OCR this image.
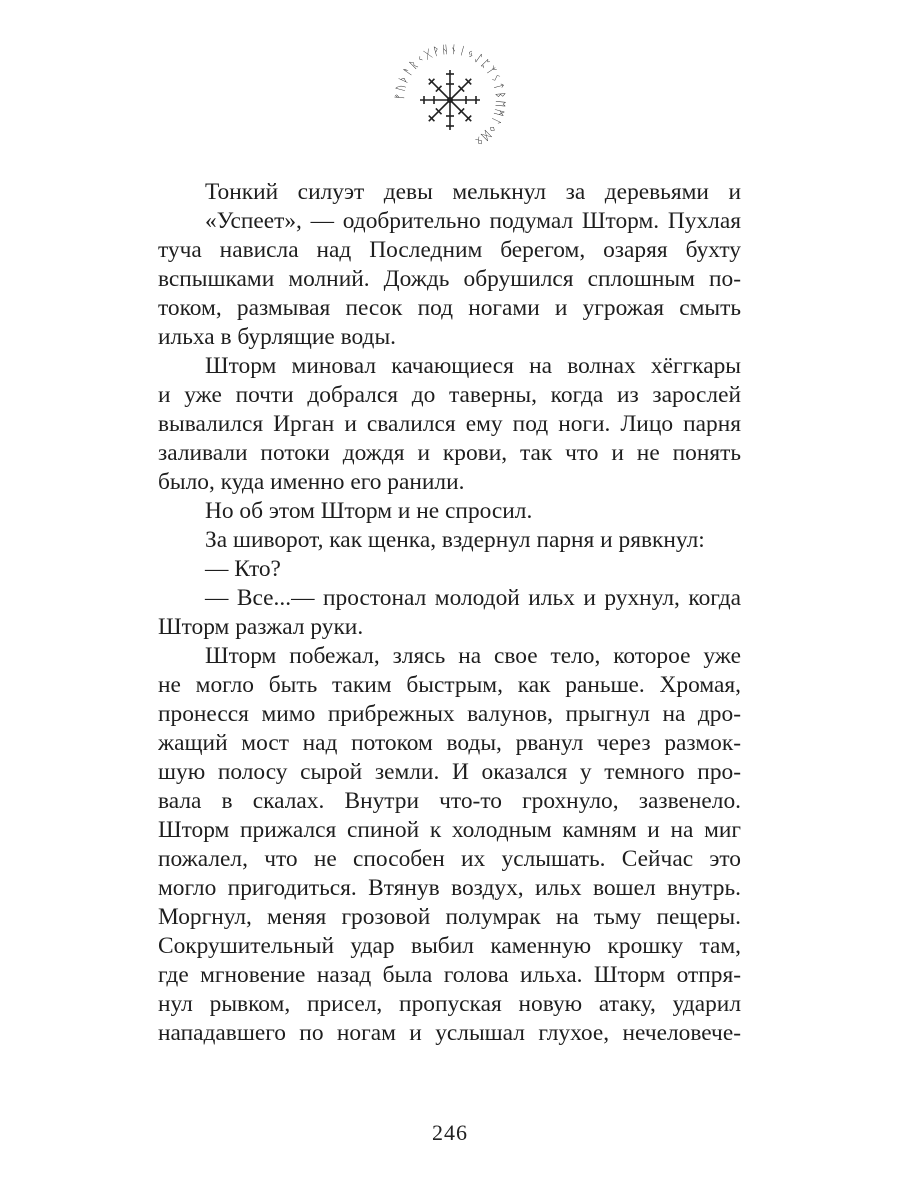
ᚠᚢᚦᚨᚱᚲᚷᚹᚺᚾᛁᛃᛇᛈᛉᛊᛏᛒᛖᛗᛚᛜᛞᛟ
Тонкий силуэт девы мелькнул за деревьями и
«Успеет», — одобрительно подумал Шторм. Пухлая
туча нависла над Последним берегом, озаряя бухту
вспышками молний. Дождь обрушился сплошным по-
током, размывая песок под ногами и угрожая смыть
ильха в бурлящие воды.
Шторм миновал качающиеся на волнах хёггкары
и уже почти добрался до таверны, когда из зарослей
вывалился Ирган и свалился ему под ноги. Лицо парня
заливали потоки дождя и крови, так что и не понять
было, куда именно его ранили.
Но об этом Шторм и не спросил.
За шиворот, как щенка, вздернул парня и рявкнул:
— Кто?
— Все...— простонал молодой ильх и рухнул, когда
Шторм разжал руки.
Шторм побежал, злясь на свое тело, которое уже
не могло быть таким быстрым, как раньше. Хромая,
пронесся мимо прибрежных валунов, прыгнул на дро-
жащий мост над потоком воды, рванул через размок-
шую полосу сырой земли. И оказался у темного про-
вала в скалах. Внутри что-то грохнуло, зазвенело.
Шторм прижался спиной к холодным камням и на миг
пожалел, что не способен их услышать. Сейчас это
могло пригодиться. Втянув воздух, ильх вошел внутрь.
Моргнул, меняя грозовой полумрак на тьму пещеры.
Сокрушительный удар выбил каменную крошку там,
где мгновение назад была голова ильха. Шторм отпря-
нул рывком, присел, пропуская новую атаку, ударил
нападавшего по ногам и услышал глухое, нечеловече-
246
